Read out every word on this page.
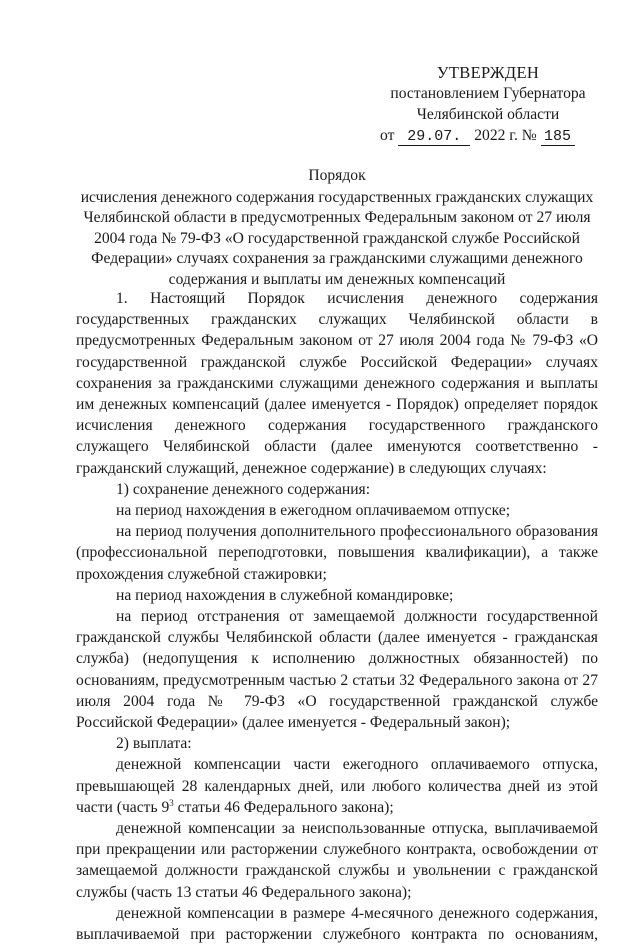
УТВЕРЖДЕН
постановлением Губернатора
Челябинской области
от 29.07. 2022 г. № 185
Порядок
исчисления денежного содержания государственных гражданских служащих
Челябинской области в предусмотренных Федеральным законом от 27 июля
2004 года № 79-ФЗ «О государственной гражданской службе Российской
Федерации» случаях сохранения за гражданскими служащими денежного
содержания и выплаты им денежных компенсаций

1. Настоящий Порядок исчисления денежного содержания государственных гражданских служащих Челябинской области в предусмотренных Федеральным законом от 27 июля 2004 года № 79-ФЗ «О государственной гражданской службе Российской Федерации» случаях сохранения за гражданскими служащими денежного содержания и выплаты им денежных компенсаций (далее именуется - Порядок) определяет порядок исчисления денежного содержания государственного гражданского служащего Челябинской области (далее именуются соответственно - гражданский служащий, денежное содержание) в следующих случаях:

1) сохранение денежного содержания:

на период нахождения в ежегодном оплачиваемом отпуске;

на период получения дополнительного профессионального образования (профессиональной переподготовки, повышения квалификации), а также прохождения служебной стажировки;

на период нахождения в служебной командировке;

на период отстранения от замещаемой должности государственной гражданской службы Челябинской области (далее именуется - гражданская служба) (недопущения к исполнению должностных обязанностей) по основаниям, предусмотренным частью 2 статьи 32 Федерального закона от 27 июля 2004 года № 79-ФЗ «О государственной гражданской службе Российской Федерации» (далее именуется - Федеральный закон);

2) выплата:

денежной компенсации части ежегодного оплачиваемого отпуска, превышающей 28 календарных дней, или любого количества дней из этой части (часть $9^3$ статьи 46 Федерального закона);

денежной компенсации за неиспользованные отпуска, выплачиваемой при прекращении или расторжении служебного контракта, освобождении от замещаемой должности гражданской службы и увольнении с гражданской службы (часть 13 статьи 46 Федерального закона);

денежной компенсации в размере 4-месячного денежного содержания, выплачиваемой при расторжении служебного контракта по основаниям,
